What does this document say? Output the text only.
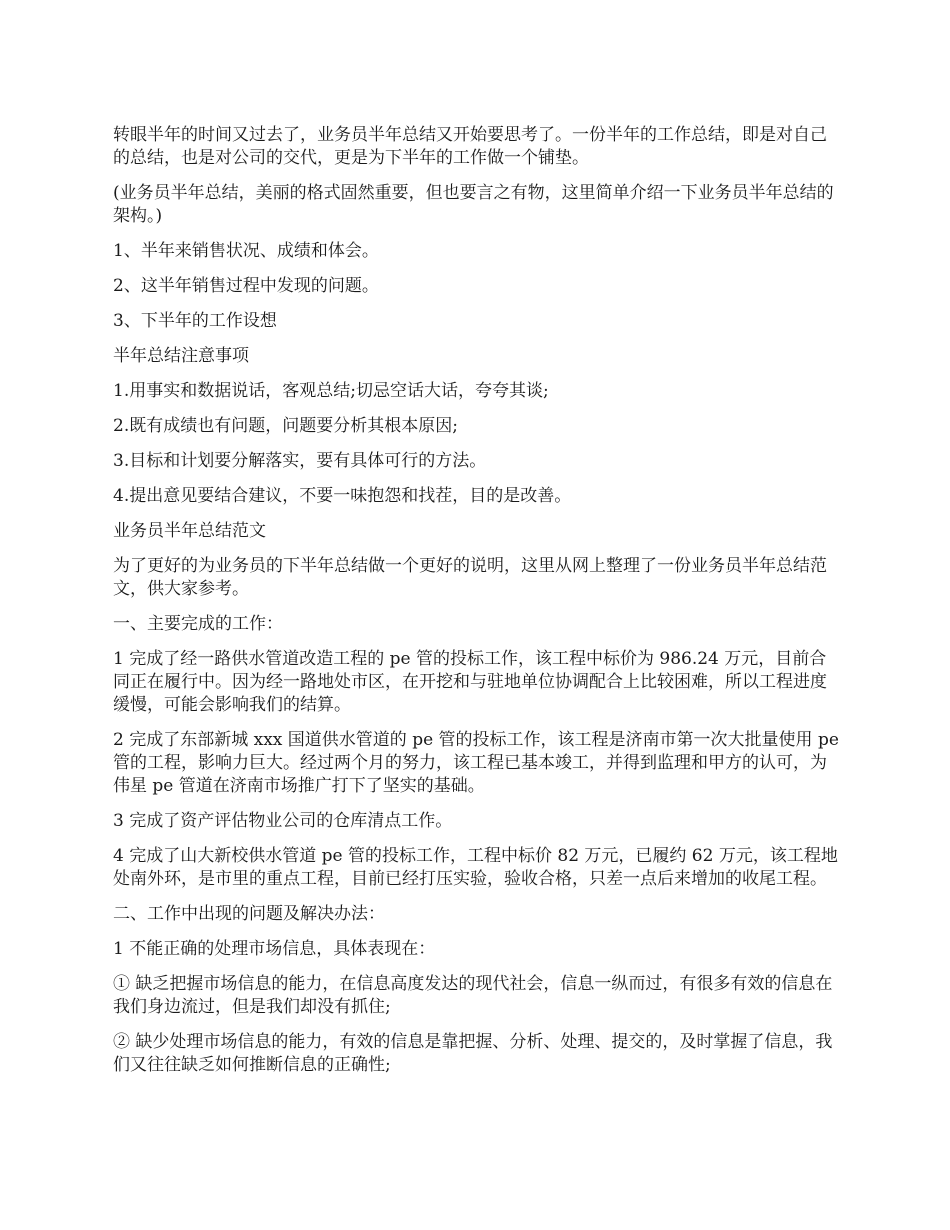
转眼半年的时间又过去了，业务员半年总结又开始要思考了。一份半年的工作总结，即是对自己的总结，也是对公司的交代，更是为下半年的工作做一个铺垫。

(业务员半年总结，美丽的格式固然重要，但也要言之有物，这里简单介绍一下业务员半年总结的架构。)

1、半年来销售状况、成绩和体会。

2、这半年销售过程中发现的问题。

3、下半年的工作设想

半年总结注意事项

1.用事实和数据说话，客观总结;切忌空话大话，夸夸其谈;

2.既有成绩也有问题，问题要分析其根本原因;

3.目标和计划要分解落实，要有具体可行的方法。

4.提出意见要结合建议，不要一味抱怨和找茬，目的是改善。

业务员半年总结范文

为了更好的为业务员的下半年总结做一个更好的说明，这里从网上整理了一份业务员半年总结范文，供大家参考。

一、主要完成的工作：

1 完成了经一路供水管道改造工程的 pe 管的投标工作，该工程中标价为 986.24 万元，目前合同正在履行中。因为经一路地处市区，在开挖和与驻地单位协调配合上比较困难，所以工程进度缓慢，可能会影响我们的结算。

2 完成了东部新城 xxx 国道供水管道的 pe 管的投标工作，该工程是济南市第一次大批量使用 pe 管的工程，影响力巨大。经过两个月的努力，该工程已基本竣工，并得到监理和甲方的认可，为伟星 pe 管道在济南市场推广打下了坚实的基础。

3 完成了资产评估物业公司的仓库清点工作。

4 完成了山大新校供水管道 pe 管的投标工作，工程中标价 82 万元，已履约 62 万元，该工程地处南外环，是市里的重点工程，目前已经打压实验，验收合格，只差一点后来增加的收尾工程。

二、工作中出现的问题及解决办法：

1 不能正确的处理市场信息，具体表现在：

① 缺乏把握市场信息的能力，在信息高度发达的现代社会，信息一纵而过，有很多有效的信息在我们身边流过，但是我们却没有抓住;

② 缺少处理市场信息的能力，有效的信息是靠把握、分析、处理、提交的，及时掌握了信息，我们又往往缺乏如何推断信息的正确性;
